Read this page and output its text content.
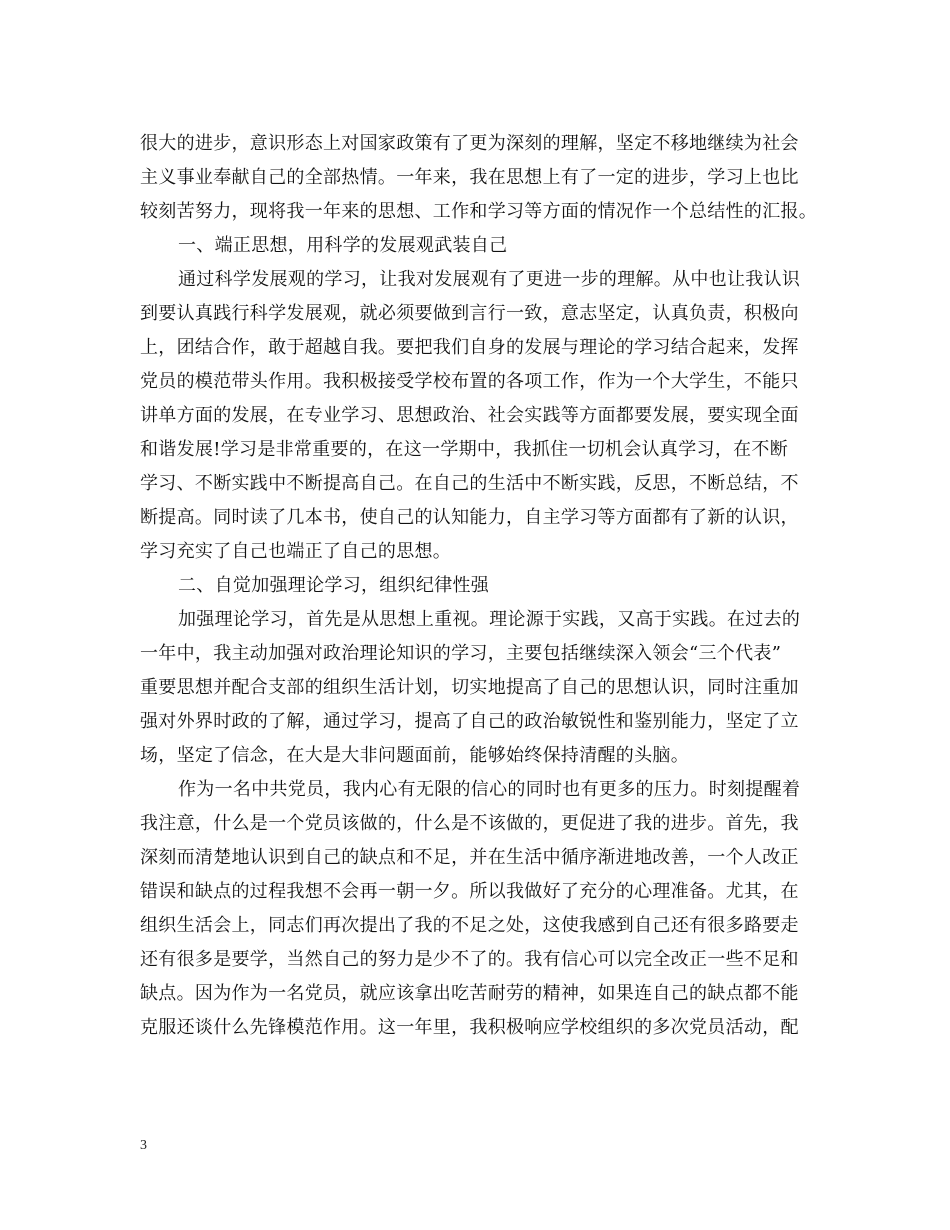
很大的进步，意识形态上对国家政策有了更为深刻的理解，坚定不移地继续为社会
主义事业奉献自己的全部热情。一年来，我在思想上有了一定的进步，学习上也比
较刻苦努力，现将我一年来的思想、工作和学习等方面的情况作一个总结性的汇报。
一、端正思想，用科学的发展观武装自己
通过科学发展观的学习，让我对发展观有了更进一步的理解。从中也让我认识
到要认真践行科学发展观，就必须要做到言行一致，意志坚定，认真负责，积极向
上，团结合作，敢于超越自我。要把我们自身的发展与理论的学习结合起来，发挥
党员的模范带头作用。我积极接受学校布置的各项工作，作为一个大学生，不能只
讲单方面的发展，在专业学习、思想政治、社会实践等方面都要发展，要实现全面
和谐发展!学习是非常重要的，在这一学期中，我抓住一切机会认真学习，在不断
学习、不断实践中不断提高自己。在自己的生活中不断实践，反思，不断总结，不
断提高。同时读了几本书，使自己的认知能力，自主学习等方面都有了新的认识，
学习充实了自己也端正了自己的思想。
二、自觉加强理论学习，组织纪律性强
加强理论学习，首先是从思想上重视。理论源于实践，又高于实践。在过去的
一年中，我主动加强对政治理论知识的学习，主要包括继续深入领会“三个代表”
重要思想并配合支部的组织生活计划，切实地提高了自己的思想认识，同时注重加
强对外界时政的了解，通过学习，提高了自己的政治敏锐性和鉴别能力，坚定了立
场，坚定了信念，在大是大非问题面前，能够始终保持清醒的头脑。
作为一名中共党员，我内心有无限的信心的同时也有更多的压力。时刻提醒着
我注意，什么是一个党员该做的，什么是不该做的，更促进了我的进步。首先，我
深刻而清楚地认识到自己的缺点和不足，并在生活中循序渐进地改善，一个人改正
错误和缺点的过程我想不会再一朝一夕。所以我做好了充分的心理准备。尤其，在
组织生活会上，同志们再次提出了我的不足之处，这使我感到自己还有很多路要走
还有很多是要学，当然自己的努力是少不了的。我有信心可以完全改正一些不足和
缺点。因为作为一名党员，就应该拿出吃苦耐劳的精神，如果连自己的缺点都不能
克服还谈什么先锋模范作用。这一年里，我积极响应学校组织的多次党员活动，配
3
